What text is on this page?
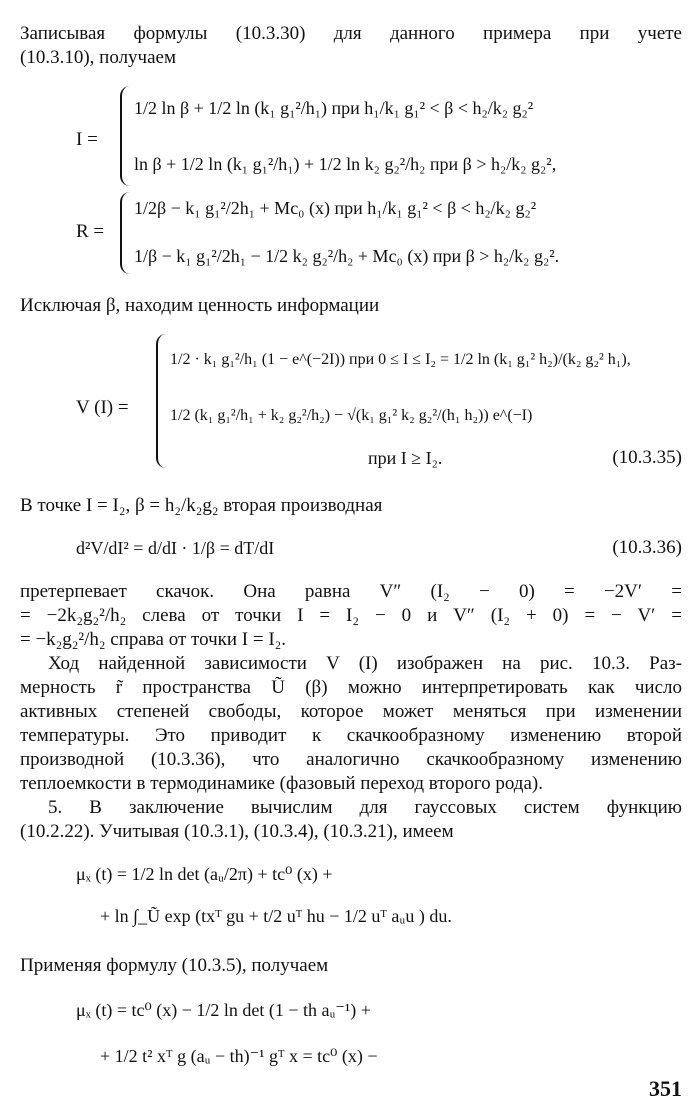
Записывая формулы (10.3.30) для данного примера при учете
(10.3.10), получаем
I =
1/2 ln β + 1/2 ln (k₁ g₁²/h₁) при h₁/k₁ g₁² < β < h₂/k₂ g₂²
ln β + 1/2 ln (k₁ g₁²/h₁) + 1/2 ln k₂ g₂²/h₂ при β > h₂/k₂ g₂²,
R =
1/2β − k₁ g₁²/2h₁ + Mc₀ (x) при h₁/k₁ g₁² < β < h₂/k₂ g₂²
1/β − k₁ g₁²/2h₁ − 1/2 k₂ g₂²/h₂ + Mc₀ (x) при β > h₂/k₂ g₂².
Исключая β, находим ценность информации
V (I) =
1/2 · k₁ g₁²/h₁ (1 − e^(−2I)) при 0 ≤ I ≤ I₂ = 1/2 ln (k₁ g₁² h₂)/(k₂ g₂² h₁),
1/2 (k₁ g₁²/h₁ + k₂ g₂²/h₂) − √(k₁ g₁² k₂ g₂²/(h₁ h₂)) e^(−I)
при I ≥ I₂.	(10.3.35)
В точке I = I₂, β = h₂/k₂g₂ вторая производная
d²V/dI² = d/dI · 1/β = dT/dI	(10.3.36)
претерпевает скачок. Она равна V″ (I₂ − 0) = −2V′ =
= −2k₂g₂²/h₂ слева от точки I = I₂ − 0 и V″ (I₂ + 0) = − V′ =
= −k₂g₂²/h₂ справа от точки I = I₂.
Ход найденной зависимости V (I) изображен на рис. 10.3. Раз-
мерность r̃ пространства Ũ (β) можно интерпретировать как число
активных степеней свободы, которое может меняться при изменении
температуры. Это приводит к скачкообразному изменению второй
производной (10.3.36), что аналогично скачкообразному изменению
теплоемкости в термодинамике (фазовый переход второго рода).
5. В заключение вычислим для гауссовых систем функцию
(10.2.22). Учитывая (10.3.1), (10.3.4), (10.3.21), имеем
μₓ (t) = 1/2 ln det (aᵤ/2π) + tc⁰ (x) +
+ ln ∫_Ũ exp (txᵀ gu + t/2 uᵀ hu − 1/2 uᵀ aᵤu ) du.
Применяя формулу (10.3.5), получаем
μₓ (t) = tc⁰ (x) − 1/2 ln det (1 − th aᵤ⁻¹) +
+ 1/2 t² xᵀ g (aᵤ − th)⁻¹ gᵀ x = tc⁰ (x) −
351
